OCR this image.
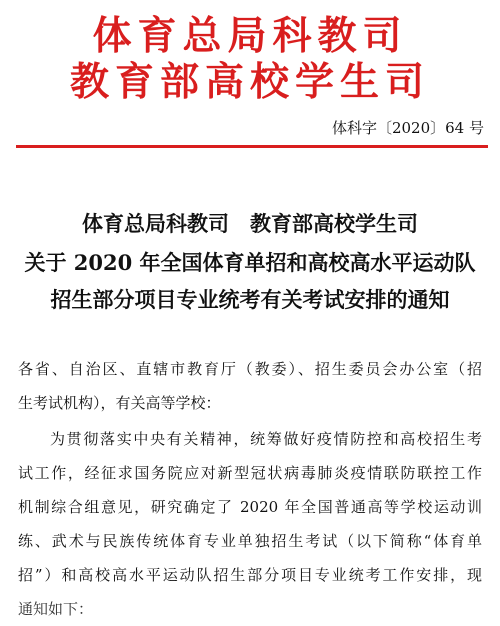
体育总局科教司
教育部高校学生司
体科字〔2020〕64 号
体育总局科教司　教育部高校学生司
关于 2020 年全国体育单招和高校高水平运动队
招生部分项目专业统考有关考试安排的通知
各省、自治区、直辖市教育厅（教委）、招生委员会办公室（招
生考试机构），有关高等学校：
为贯彻落实中央有关精神，统筹做好疫情防控和高校招生考
试工作，经征求国务院应对新型冠状病毒肺炎疫情联防联控工作
机制综合组意见，研究确定了 2020 年全国普通高等学校运动训
练、武术与民族传统体育专业单独招生考试（以下简称“体育单
招”）和高校高水平运动队招生部分项目专业统考工作安排，现
通知如下：
